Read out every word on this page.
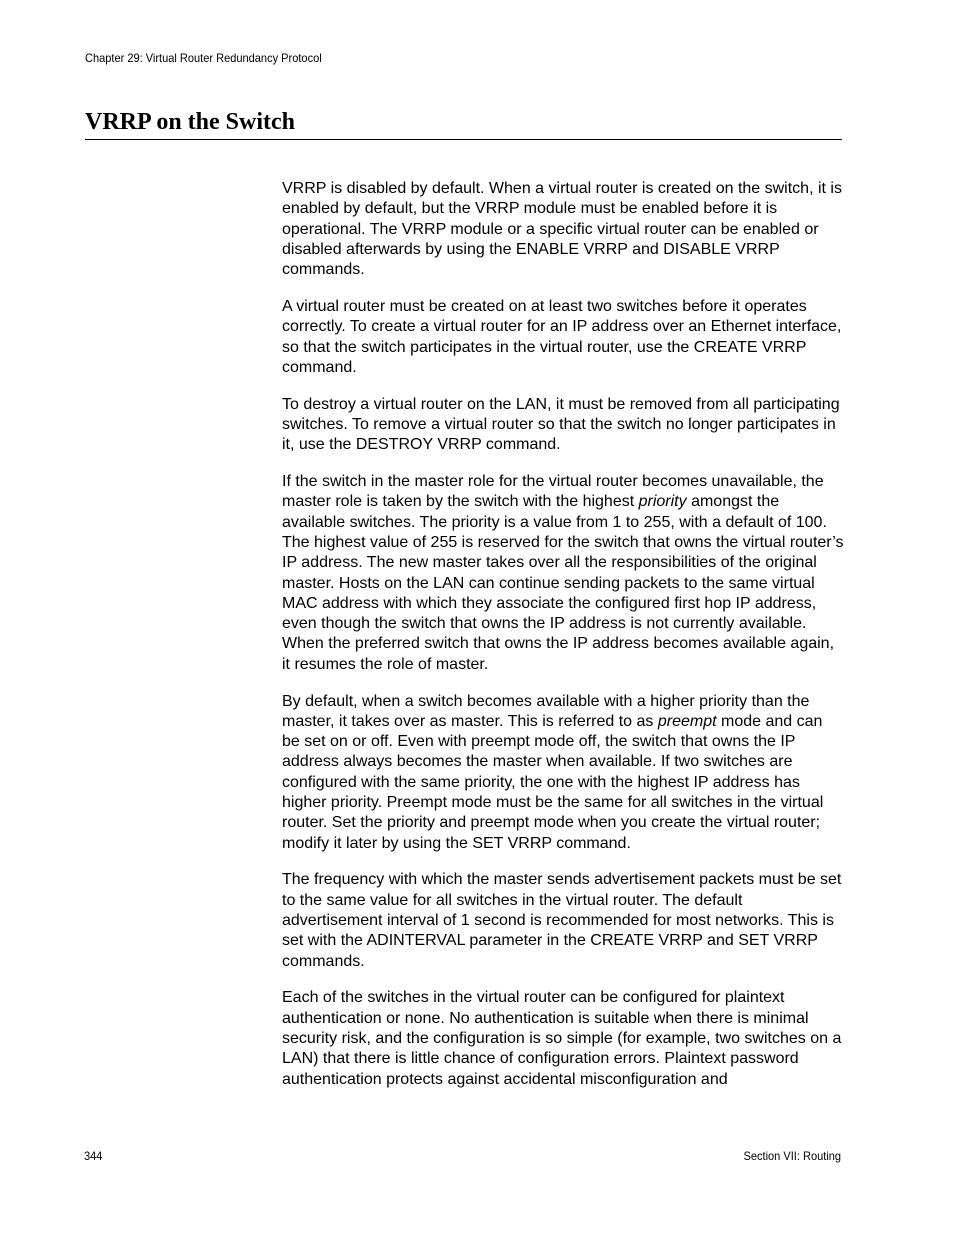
Chapter 29: Virtual Router Redundancy Protocol
VRRP on the Switch

VRRP is disabled by default. When a virtual router is created on the switch, it is enabled by default, but the VRRP module must be enabled before it is operational. The VRRP module or a specific virtual router can be enabled or disabled afterwards by using the ENABLE VRRP and DISABLE VRRP commands.

A virtual router must be created on at least two switches before it operates correctly. To create a virtual router for an IP address over an Ethernet interface, so that the switch participates in the virtual router, use the CREATE VRRP command.

To destroy a virtual router on the LAN, it must be removed from all participating switches. To remove a virtual router so that the switch no longer participates in it, use the DESTROY VRRP command.

If the switch in the master role for the virtual router becomes unavailable, the master role is taken by the switch with the highest priority amongst the available switches. The priority is a value from 1 to 255, with a default of 100. The highest value of 255 is reserved for the switch that owns the virtual router’s IP address. The new master takes over all the responsibilities of the original master. Hosts on the LAN can continue sending packets to the same virtual MAC address with which they associate the configured first hop IP address, even though the switch that owns the IP address is not currently available. When the preferred switch that owns the IP address becomes available again, it resumes the role of master.

By default, when a switch becomes available with a higher priority than the master, it takes over as master. This is referred to as preempt mode and can be set on or off. Even with preempt mode off, the switch that owns the IP address always becomes the master when available. If two switches are configured with the same priority, the one with the highest IP address has higher priority. Preempt mode must be the same for all switches in the virtual router. Set the priority and preempt mode when you create the virtual router; modify it later by using the SET VRRP command.

The frequency with which the master sends advertisement packets must be set to the same value for all switches in the virtual router. The default advertisement interval of 1 second is recommended for most networks. This is set with the ADINTERVAL parameter in the CREATE VRRP and SET VRRP commands.

Each of the switches in the virtual router can be configured for plaintext authentication or none. No authentication is suitable when there is minimal security risk, and the configuration is so simple (for example, two switches on a LAN) that there is little chance of configuration errors. Plaintext password authentication protects against accidental misconfiguration and

344	Section VII: Routing
